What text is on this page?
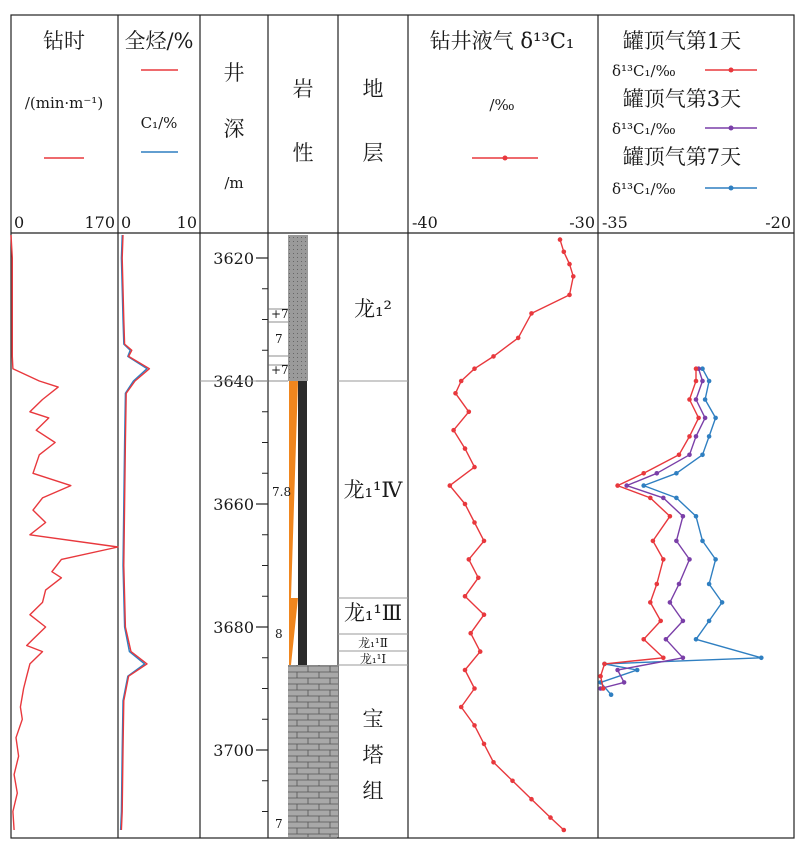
钻时
/(min·m⁻¹)
0	170
全烃/%
C₁/%
0	10
井
深
/m
岩
性
地
层
钻井液气 δ¹³C₁
/‰
-40	-30
罐顶气第1天
δ¹³C₁/‰
罐顶气第3天
δ¹³C₁/‰
罐顶气第7天
δ¹³C₁/‰
-35	-20
3620
3640
3660
3680
3700
+7
7
+7
7.8
8
7
龙₁²
龙₁¹Ⅳ
龙₁¹Ⅲ
龙₁¹Ⅱ
龙₁¹Ⅰ
宝
塔
组
